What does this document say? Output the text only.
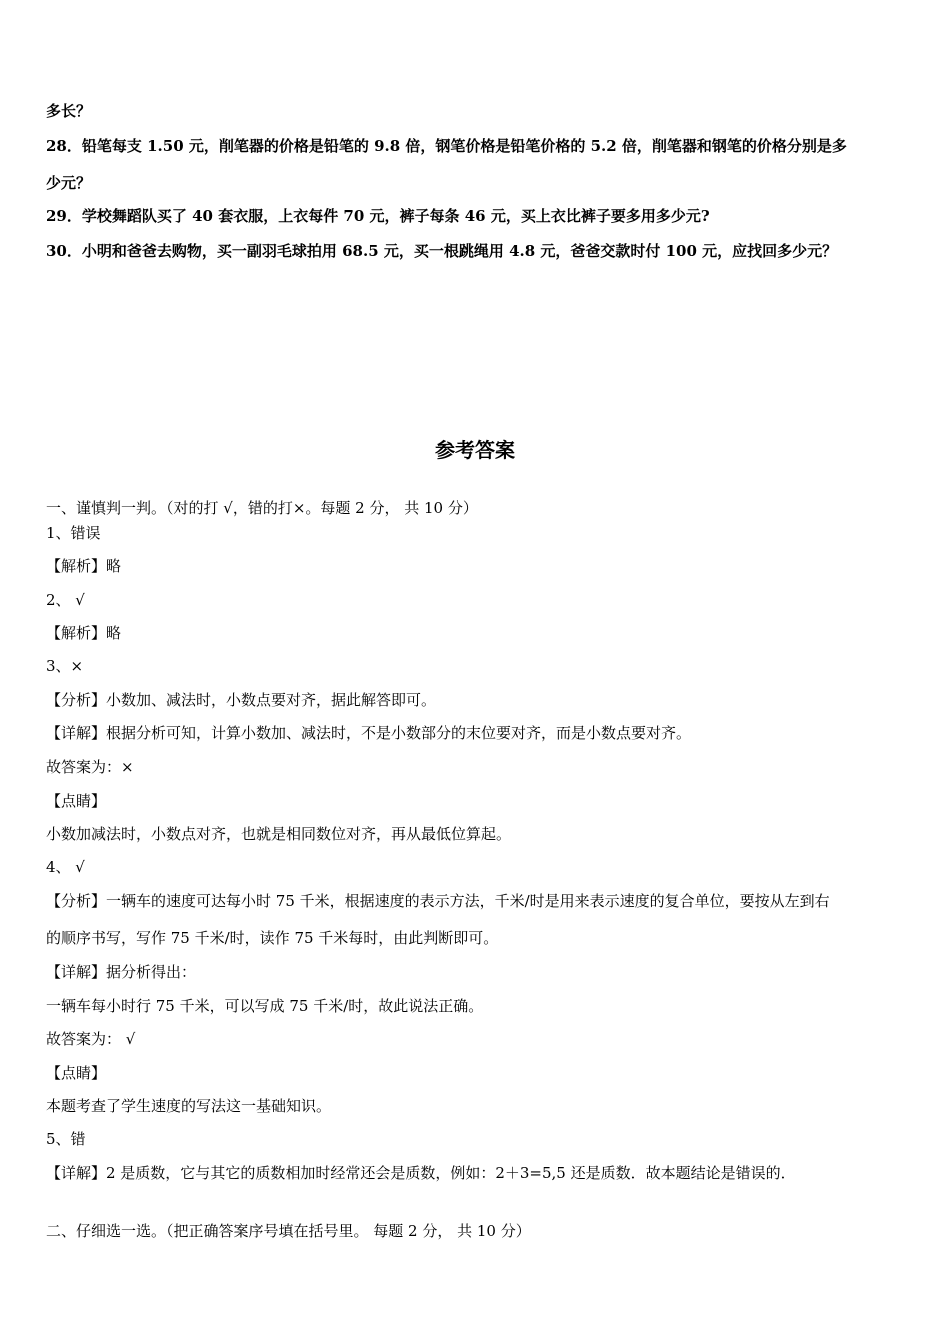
多长？
28．铅笔每支 1.50 元，削笔器的价格是铅笔的 9.8 倍，钢笔价格是铅笔价格的 5.2 倍，削笔器和钢笔的价格分别是多
少元？
29．学校舞蹈队买了 40 套衣服，上衣每件 70 元，裤子每条 46 元，买上衣比裤子要多用多少元?
30．小明和爸爸去购物，买一副羽毛球拍用 68.5 元，买一根跳绳用 4.8 元，爸爸交款时付 100 元，应找回多少元？
参考答案
一、谨慎判一判。（对的打 √，错的打×。每题 2 分， 共 10 分）
1、错误
【解析】略
2、 √
【解析】略
3、×
【分析】小数加、减法时，小数点要对齐，据此解答即可。
【详解】根据分析可知，计算小数加、减法时，不是小数部分的末位要对齐，而是小数点要对齐。
故答案为：×
【点睛】
小数加减法时，小数点对齐，也就是相同数位对齐，再从最低位算起。
4、 √
【分析】一辆车的速度可达每小时 75 千米，根据速度的表示方法，千米/时是用来表示速度的复合单位，要按从左到右
的顺序书写，写作 75 千米/时，读作 75 千米每时，由此判断即可。
【详解】据分析得出：
一辆车每小时行 75 千米，可以写成 75 千米/时，故此说法正确。
故答案为： √
【点睛】
本题考查了学生速度的写法这一基础知识。
5、错
【详解】2 是质数，它与其它的质数相加时经常还会是质数，例如：2＋3=5,5 还是质数．故本题结论是错误的．
二、仔细选一选。（把正确答案序号填在括号里。 每题 2 分， 共 10 分）
